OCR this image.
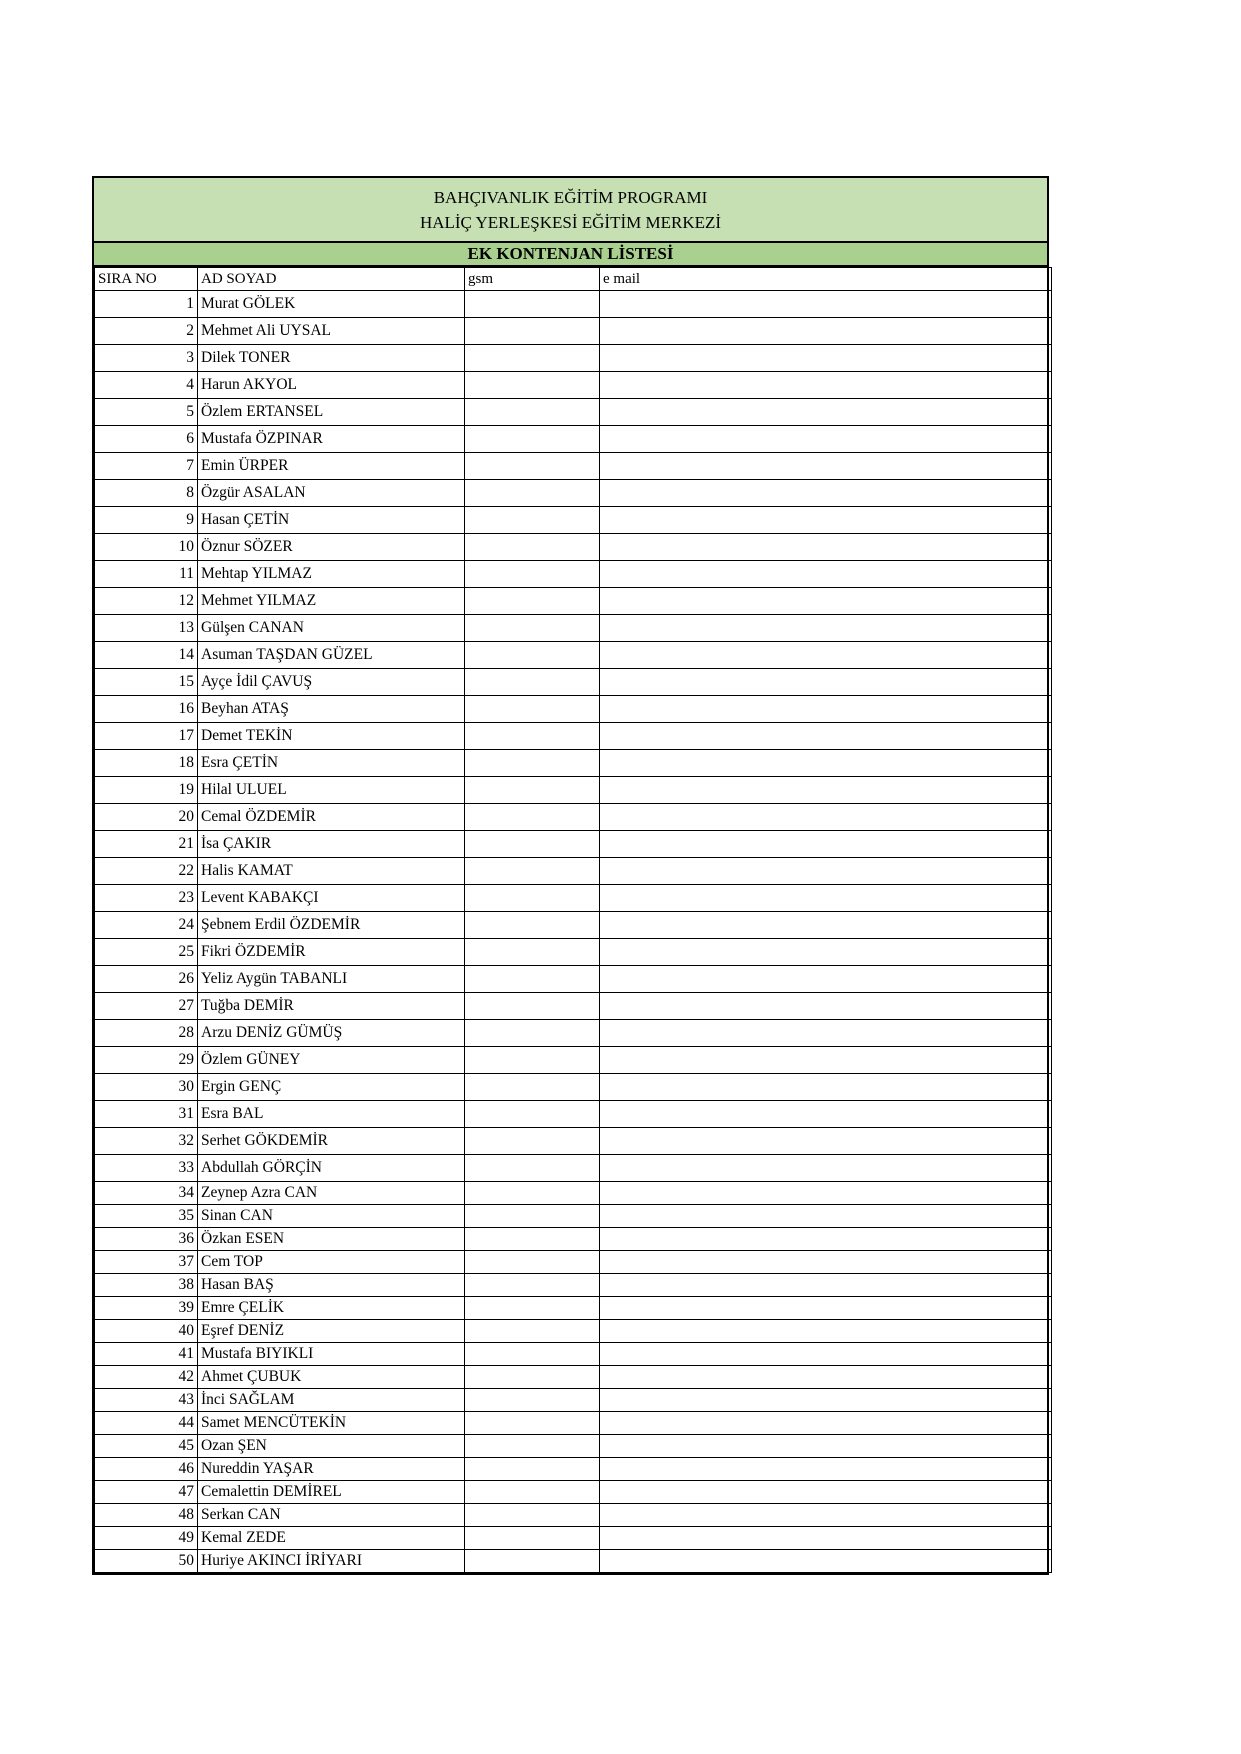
BAHÇIVANLIK EĞİTİM PROGRAMI
HALİÇ YERLEŞKESİ EĞİTİM MERKEZİ
EK KONTENJAN LİSTESİ
SIRA NO	AD SOYAD	gsm	e mail
1	Murat GÖLEK		
2	Mehmet Ali UYSAL		
3	Dilek TONER		
4	Harun AKYOL		
5	Özlem ERTANSEL		
6	Mustafa ÖZPINAR		
7	Emin ÜRPER		
8	Özgür ASALAN		
9	Hasan ÇETİN		
10	Öznur SÖZER		
11	Mehtap YILMAZ		
12	Mehmet YILMAZ		
13	Gülşen CANAN		
14	Asuman TAŞDAN GÜZEL		
15	Ayçe İdil ÇAVUŞ		
16	Beyhan ATAŞ		
17	Demet TEKİN		
18	Esra ÇETİN		
19	Hilal ULUEL		
20	Cemal ÖZDEMİR		
21	İsa ÇAKIR		
22	Halis KAMAT		
23	Levent KABAKÇI		
24	Şebnem Erdil ÖZDEMİR		
25	Fikri ÖZDEMİR		
26	Yeliz Aygün TABANLI		
27	Tuğba DEMİR		
28	Arzu DENİZ GÜMÜŞ		
29	Özlem GÜNEY		
30	Ergin GENÇ		
31	Esra BAL		
32	Serhet GÖKDEMİR		
33	Abdullah GÖRÇİN		
34	Zeynep Azra CAN		
35	Sinan CAN		
36	Özkan ESEN		
37	Cem TOP		
38	Hasan BAŞ		
39	Emre ÇELİK		
40	Eşref DENİZ		
41	Mustafa BIYIKLI		
42	Ahmet ÇUBUK		
43	İnci SAĞLAM		
44	Samet MENCÜTEKİN		
45	Ozan ŞEN		
46	Nureddin YAŞAR		
47	Cemalettin DEMİREL		
48	Serkan CAN		
49	Kemal ZEDE		
50	Huriye AKINCI İRİYARI		
